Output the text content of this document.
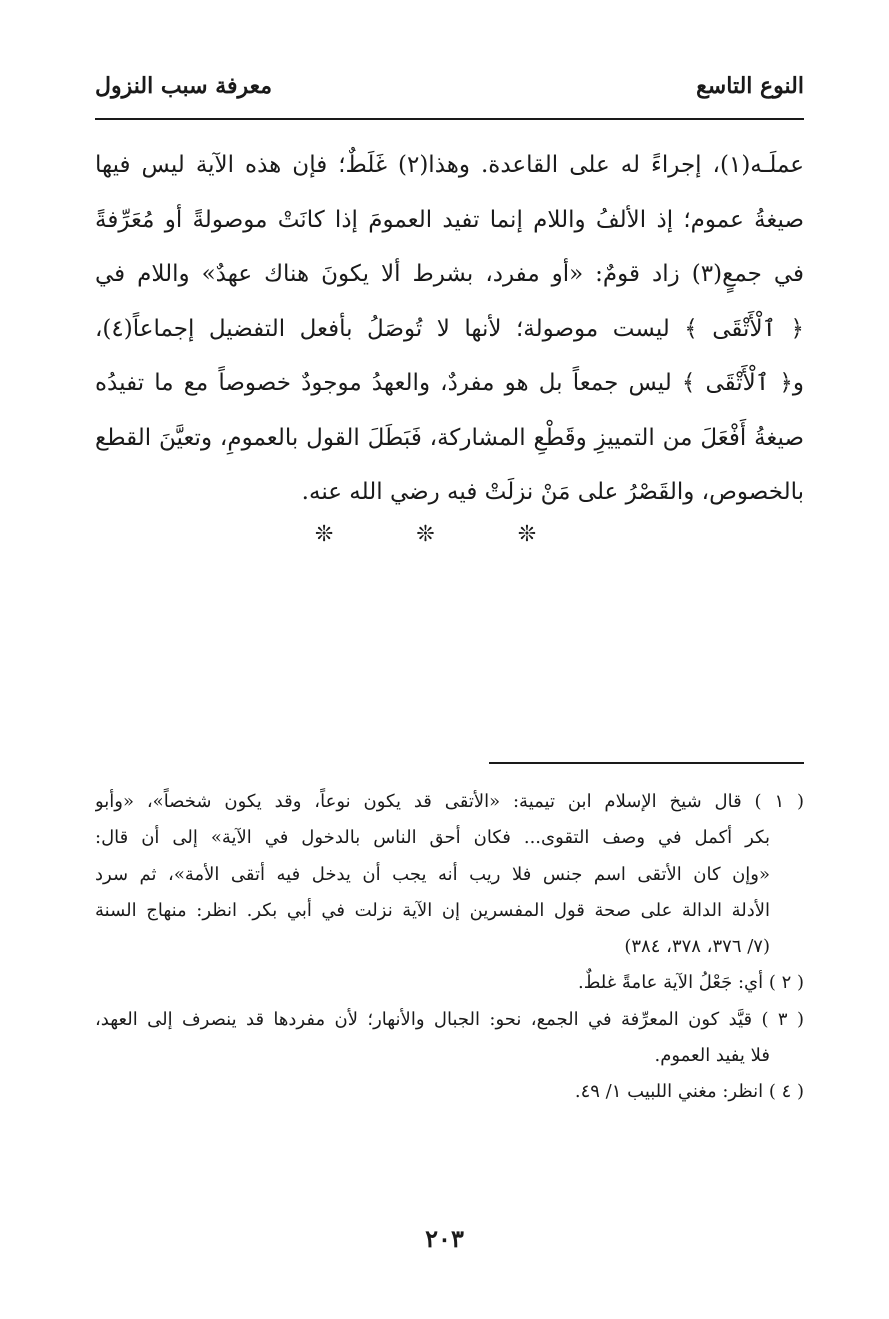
النوع التاسع
معرفة سبب النزول
عملَـه(١)، إجراءً له على القاعدة. وهذا(٢) غَلَطٌ؛ فإن هذه الآية ليس فيها
صيغةُ عموم؛ إذ الألفُ واللام إنما تفيد العمومَ إذا كانَتْ موصولةً أو مُعَرِّفةً
في جمعٍ(٣) زاد قومٌ: «أو مفرد، بشرط ألا يكونَ هناك عهدٌ» واللام في
﴿ ٱلْأَتْقَى ﴾ ليست موصولة؛ لأنها لا تُوصَلُ بأفعل التفضيل إجماعاً(٤)،
و﴿ ٱلْأَتْقَى ﴾ ليس جمعاً بل هو مفردٌ، والعهدُ موجودٌ خصوصاً مع ما تفيدُه
صيغةُ أَفْعَلَ من التمييزِ وقَطْعِ المشاركة، فَبَطَلَ القول بالعمومِ، وتعيَّنَ القطع
بالخصوص، والقَصْرُ على مَنْ نزلَتْ فيه رضي الله عنه.
❊ ❊ ❊
( ١ ) قال شيخ الإسلام ابن تيمية: «الأتقى قد يكون نوعاً، وقد يكون شخصاً»، «وأبو
بكر أكمل في وصف التقوى... فكان أحق الناس بالدخول في الآية» إلى أن قال:
«وإن كان الأتقى اسم جنس فلا ريب أنه يجب أن يدخل فيه أتقى الأمة»، ثم سرد
الأدلة الدالة على صحة قول المفسرين إن الآية نزلت في أبي بكر. انظر: منهاج السنة
(٧/ ٣٧٦، ٣٧٨، ٣٨٤)
( ٢ ) أي: جَعْلُ الآية عامةً غلطٌ.
( ٣ ) قيَّد كون المعرِّفة في الجمع، نحو: الجبال والأنهار؛ لأن مفردها قد ينصرف إلى العهد،
فلا يفيد العموم.
( ٤ ) انظر: مغني اللبيب ١/ ٤٩.
٢٠٣
